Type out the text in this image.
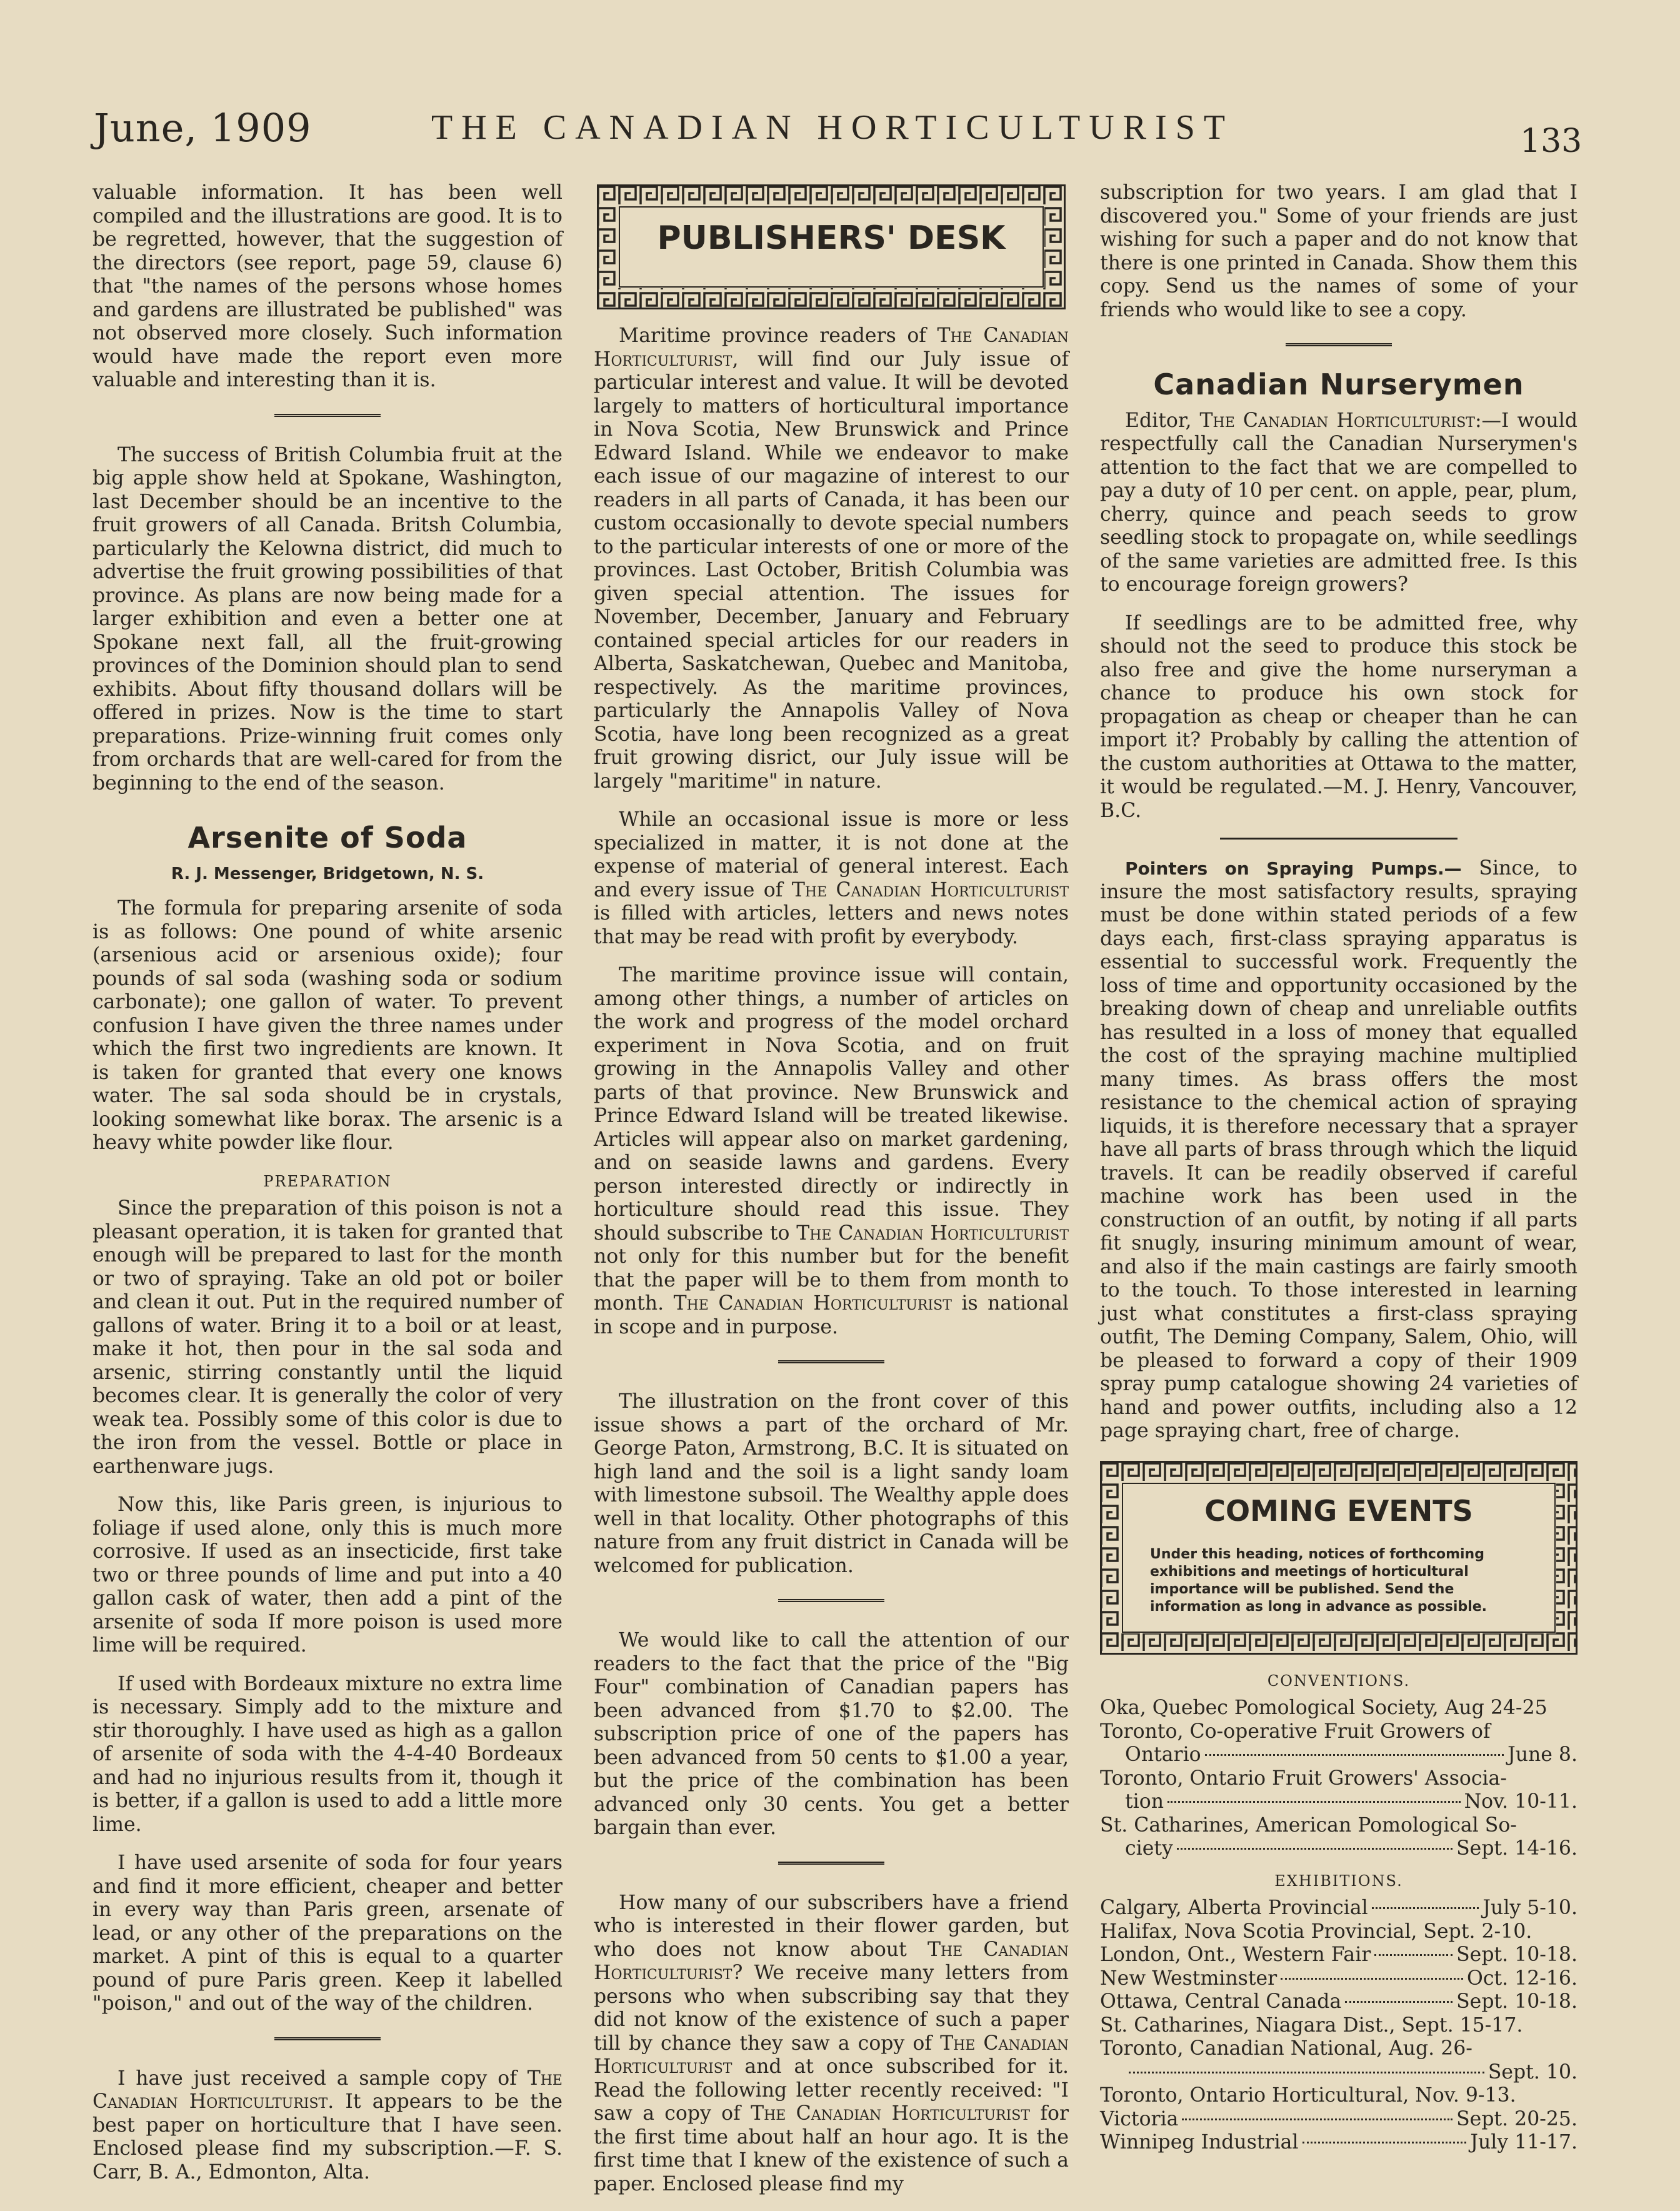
June, 1909	THE CANADIAN HORTICULTURIST	133

valuable information. It has been well compiled and the illustrations are good. It is to be regretted, however, that the suggestion of the directors (see report, page 59, clause 6) that "the names of the persons whose homes and gardens are illustrated be published" was not observed more closely. Such information would have made the report even more valuable and interesting than it is.

The success of British Columbia fruit at the big apple show held at Spokane, Washington, last December should be an incentive to the fruit growers of all Canada. Britsh Columbia, particularly the Kelowna district, did much to advertise the fruit growing possibilities of that province. As plans are now being made for a larger exhibition and even a better one at Spokane next fall, all the fruit-growing provinces of the Dominion should plan to send exhibits. About fifty thousand dollars will be offered in prizes. Now is the time to start preparations. Prize-winning fruit comes only from orchards that are well-cared for from the beginning to the end of the season.

Arsenite of Soda
R. J. Messenger, Bridgetown, N. S.

The formula for preparing arsenite of soda is as follows: One pound of white arsenic (arsenious acid or arsenious oxide); four pounds of sal soda (washing soda or sodium carbonate); one gallon of water. To prevent confusion I have given the three names under which the first two ingredients are known. It is taken for granted that every one knows water. The sal soda should be in crystals, looking somewhat like borax. The arsenic is a heavy white powder like flour.

PREPARATION

Since the preparation of this poison is not a pleasant operation, it is taken for granted that enough will be prepared to last for the month or two of spraying. Take an old pot or boiler and clean it out. Put in the required number of gallons of water. Bring it to a boil or at least, make it hot, then pour in the sal soda and arsenic, stirring constantly until the liquid becomes clear. It is generally the color of very weak tea. Possibly some of this color is due to the iron from the vessel. Bottle or place in earthenware jugs.

Now this, like Paris green, is injurious to foliage if used alone, only this is much more corrosive. If used as an insecticide, first take two or three pounds of lime and put into a 40 gallon cask of water, then add a pint of the arsenite of soda If more poison is used more lime will be required.

If used with Bordeaux mixture no extra lime is necessary. Simply add to the mixture and stir thoroughly. I have used as high as a gallon of arsenite of soda with the 4-4-40 Bordeaux and had no injurious results from it, though it is better, if a gallon is used to add a little more lime.

I have used arsenite of soda for four years and find it more efficient, cheaper and better in every way than Paris green, arsenate of lead, or any other of the preparations on the market. A pint of this is equal to a quarter pound of pure Paris green. Keep it labelled "poison," and out of the way of the children.

I have just received a sample copy of The Canadian Horticulturist. It appears to be the best paper on horticulture that I have seen. Enclosed please find my subscription.—F. S. Carr, B. A., Edmonton, Alta.

PUBLISHERS' DESK

Maritime province readers of The Canadian Horticulturist, will find our July issue of particular interest and value. It will be devoted largely to matters of horticultural importance in Nova Scotia, New Brunswick and Prince Edward Island. While we endeavor to make each issue of our magazine of interest to our readers in all parts of Canada, it has been our custom occasionally to devote special numbers to the particular interests of one or more of the provinces. Last October, British Columbia was given special attention. The issues for November, December, January and February contained special articles for our readers in Alberta, Saskatchewan, Quebec and Manitoba, respectively. As the maritime provinces, particularly the Annapolis Valley of Nova Scotia, have long been recognized as a great fruit growing disrict, our July issue will be largely "maritime" in nature.

While an occasional issue is more or less specialized in matter, it is not done at the expense of material of general interest. Each and every issue of The Canadian Horticulturist is filled with articles, letters and news notes that may be read with profit by everybody.

The maritime province issue will contain, among other things, a number of articles on the work and progress of the model orchard experiment in Nova Scotia, and on fruit growing in the Annapolis Valley and other parts of that province. New Brunswick and Prince Edward Island will be treated likewise. Articles will appear also on market gardening, and on seaside lawns and gardens. Every person interested directly or indirectly in horticulture should read this issue. They should subscribe to The Canadian Horticulturist not only for this number but for the benefit that the paper will be to them from month to month. The Canadian Horticulturist is national in scope and in purpose.

The illustration on the front cover of this issue shows a part of the orchard of Mr. George Paton, Armstrong, B.C. It is situated on high land and the soil is a light sandy loam with limestone subsoil. The Wealthy apple does well in that locality. Other photographs of this nature from any fruit district in Canada will be welcomed for publication.

We would like to call the attention of our readers to the fact that the price of the "Big Four" combination of Canadian papers has been advanced from $1.70 to $2.00. The subscription price of one of the papers has been advanced from 50 cents to $1.00 a year, but the price of the combination has been advanced only 30 cents. You get a better bargain than ever.

How many of our subscribers have a friend who is interested in their flower garden, but who does not know about The Canadian Horticulturist? We receive many letters from persons who when subscribing say that they did not know of the existence of such a paper till by chance they saw a copy of The Canadian Horticulturist and at once subscribed for it. Read the following letter recently received: "I saw a copy of The Canadian Horticulturist for the first time about half an hour ago. It is the first time that I knew of the existence of such a paper. Enclosed please find my

subscription for two years. I am glad that I discovered you." Some of your friends are just wishing for such a paper and do not know that there is one printed in Canada. Show them this copy. Send us the names of some of your friends who would like to see a copy.

Canadian Nurserymen

Editor, The Canadian Horticulturist:—I would respectfully call the Canadian Nurserymen's attention to the fact that we are compelled to pay a duty of 10 per cent. on apple, pear, plum, cherry, quince and peach seeds to grow seedling stock to propagate on, while seedlings of the same varieties are admitted free. Is this to encourage foreign growers?

If seedlings are to be admitted free, why should not the seed to produce this stock be also free and give the home nurseryman a chance to produce his own stock for propagation as cheap or cheaper than he can import it? Probably by calling the attention of the custom authorities at Ottawa to the matter, it would be regulated.—M. J. Henry, Vancouver, B.C.

Pointers on Spraying Pumps.— Since, to insure the most satisfactory results, spraying must be done within stated periods of a few days each, first-class spraying apparatus is essential to successful work. Frequently the loss of time and opportunity occasioned by the breaking down of cheap and unreliable outfits has resulted in a loss of money that equalled the cost of the spraying machine multiplied many times. As brass offers the most resistance to the chemical action of spraying liquids, it is therefore necessary that a sprayer have all parts of brass through which the liquid travels. It can be readily observed if careful machine work has been used in the construction of an outfit, by noting if all parts fit snugly, insuring minimum amount of wear, and also if the main castings are fairly smooth to the touch. To those interested in learning just what constitutes a first-class spraying outfit, The Deming Company, Salem, Ohio, will be pleased to forward a copy of their 1909 spray pump catalogue showing 24 varieties of hand and power outfits, including also a 12 page spraying chart, free of charge.

COMING EVENTS
Under this heading, notices of forthcoming exhibitions and meetings of horticultural importance will be published. Send the information as long in advance as possible.
CONVENTIONS.
Oka, Quebec Pomological Society, Aug 24-25
Toronto, Co-operative Fruit Growers of
Ontario	June 8.
Toronto, Ontario Fruit Growers' Associa-
tion	Nov. 10-11.
St. Catharines, American Pomological So-
ciety	Sept. 14-16.
EXHIBITIONS.
Calgary, Alberta Provincial	July 5-10.
Halifax, Nova Scotia Provincial, Sept. 2-10.
London, Ont., Western Fair	Sept. 10-18.
New Westminster	Oct. 12-16.
Ottawa, Central Canada	Sept. 10-18.
St. Catharines, Niagara Dist., Sept. 15-17.
Toronto, Canadian National, Aug. 26-
Sept. 10.
Toronto, Ontario Horticultural, Nov. 9-13.
Victoria	Sept. 20-25.
Winnipeg Industrial	July 11-17.
